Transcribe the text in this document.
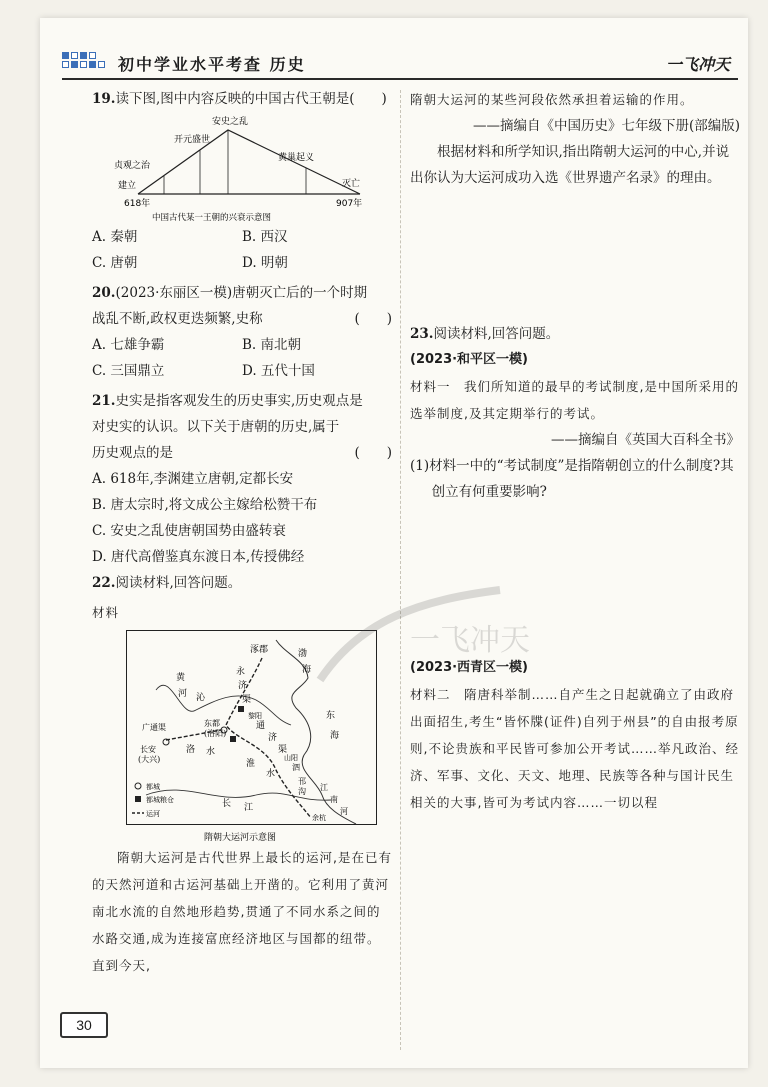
初中学业水平考查 历史	一飞冲天

19.读下图,图中内容反映的中国古代王朝是(　　)

安史之乱
开元盛世
贞观之治
黄巢起义
建立	灭亡
618年	907年
中国古代某一王朝的兴衰示意图
A. 秦朝	B. 西汉
C. 唐朝	D. 明朝

20.(2023·东丽区一模)唐朝灭亡后的一个时期

战乱不断,政权更迭频繁,史称	(　　)

A. 七雄争霸	B. 南北朝
C. 三国鼎立	D. 五代十国

21.史实是指客观发生的历史事实,历史观点是

对史实的认识。以下关于唐朝的历史,属于

历史观点的是	(　　)

A. 618年,李渊建立唐朝,定都长安

B. 唐太宗时,将文成公主嫁给松赞干布

C. 安史之乱使唐朝国势由盛转衰

D. 唐代高僧鉴真东渡日本,传授佛经

22.阅读材料,回答问题。

材料

涿郡	渤
海
黄
河
永
济
渠
沁
东都
(洛阳)
广通渠
长安
(大兴)
洛 水
通
济
渠
淮
水
泗
东
海
邗
沟
长 江
江
南
河
余杭
山阳
黎阳
都城
都城粮仓
运河
隋朝大运河示意图

隋朝大运河是古代世界上最长的运河,是在已有的天然河道和古运河基础上开凿的。它利用了黄河南北水流的自然地形趋势,贯通了不同水系之间的水路交通,成为连接富庶经济地区与国都的纽带。直到今天,

隋朝大运河的某些河段依然承担着运输的作用。

——摘编自《中国历史》七年级下册(部编版)

根据材料和所学知识,指出隋朝大运河的中心,并说出你认为大运河成功入选《世界遗产名录》的理由。

23.阅读材料,回答问题。

(2023·和平区一模)

材料一　我们所知道的最早的考试制度,是中国所采用的选举制度,及其定期举行的考试。

——摘编自《英国大百科全书》

(1)材料一中的“考试制度”是指隋朝创立的什么制度?其创立有何重要影响?

(2023·西青区一模)

材料二　隋唐科举制……自产生之日起就确立了由政府出面招生,考生“皆怀牒(证件)自列于州县”的自由报考原则,不论贵族和平民皆可参加公开考试……举凡政治、经济、军事、文化、天文、地理、民族等各种与国计民生相关的大事,皆可为考试内容……一切以程

一飞冲天
30
